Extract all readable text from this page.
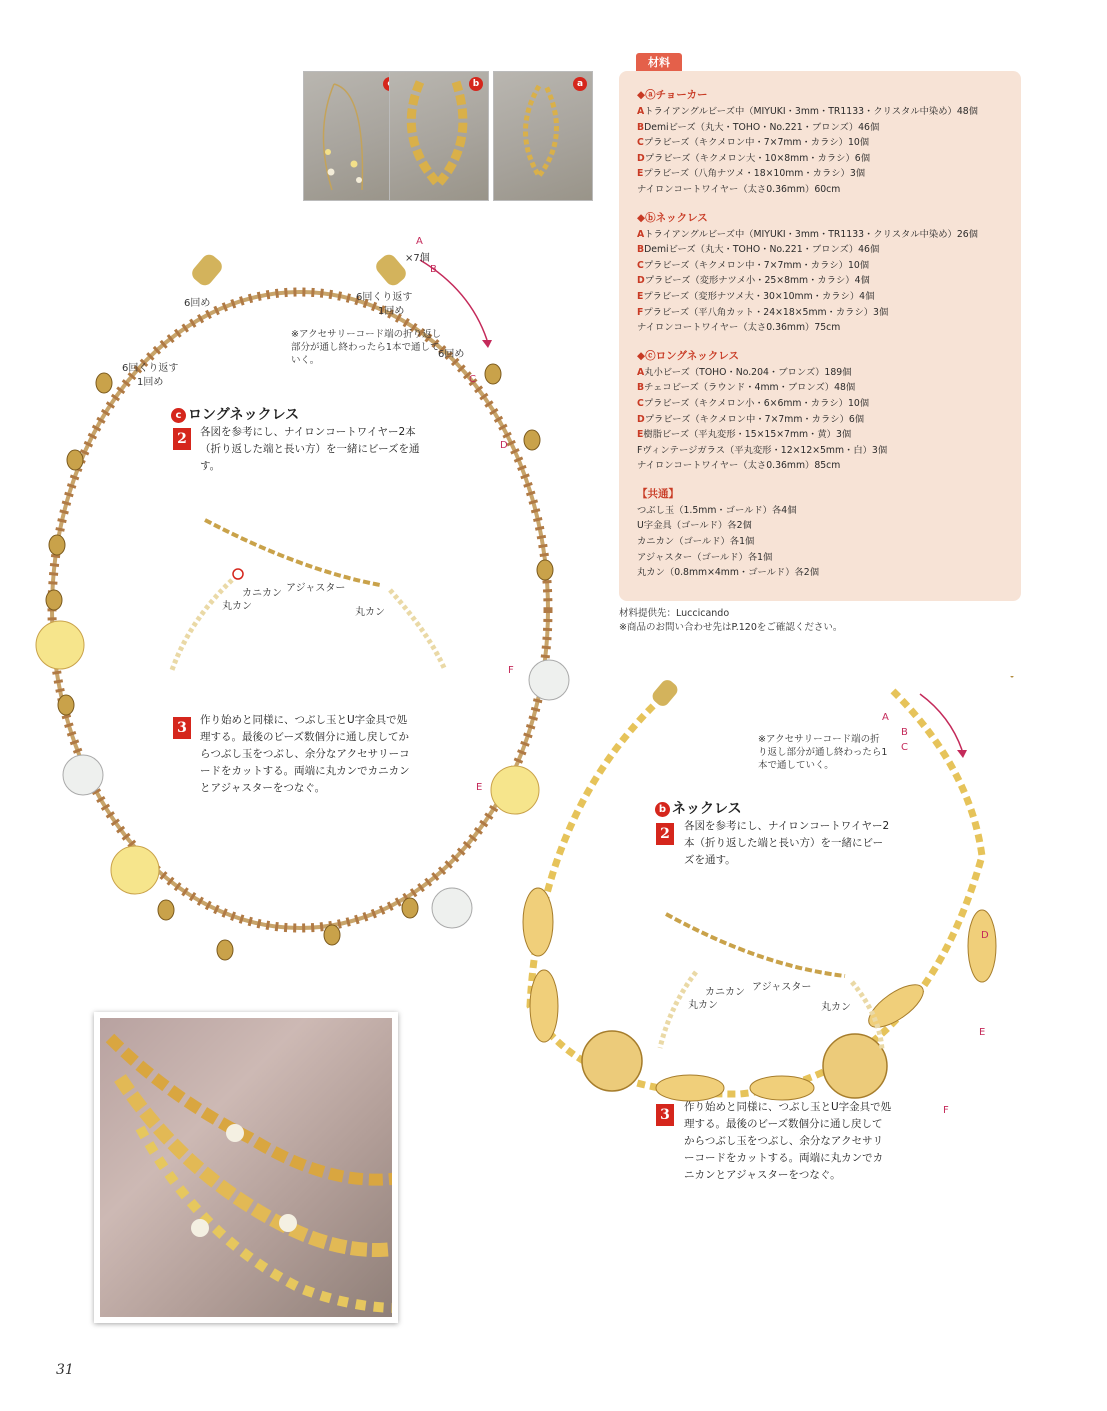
b	a
材料
◆ⓐチョーカー
Aトライアングルビーズ中（MIYUKI・3mm・TR1133・クリスタル中染め）48個
BDemiビーズ（丸大・TOHO・No.221・ブロンズ）46個
Cプラビーズ（キクメロン中・7×7mm・カラシ）10個
Dプラビーズ（キクメロン大・10×8mm・カラシ）6個
Eプラビーズ（八角ナツメ・18×10mm・カラシ）3個
ナイロンコートワイヤー（太さ0.36mm）60cm
◆ⓑネックレス
Aトライアングルビーズ中（MIYUKI・3mm・TR1133・クリスタル中染め）26個
BDemiビーズ（丸大・TOHO・No.221・ブロンズ）46個
Cプラビーズ（キクメロン中・7×7mm・カラシ）10個
Dプラビーズ（変形ナツメ小・25×8mm・カラシ）4個
Eプラビーズ（変形ナツメ大・30×10mm・カラシ）4個
Fプラビーズ（平八角カット・24×18×5mm・カラシ）3個
ナイロンコートワイヤー（太さ0.36mm）75cm
◆ⓒロングネックレス
A丸小ビーズ（TOHO・No.204・ブロンズ）189個
Bチェコビーズ（ラウンド・4mm・ブロンズ）48個
Cプラビーズ（キクメロン小・6×6mm・カラシ）10個
Dプラビーズ（キクメロン中・7×7mm・カラシ）6個
E樹脂ビーズ（平丸変形・15×15×7mm・黄）3個
Fヴィンテージガラス（平丸変形・12×12×5mm・白）3個
ナイロンコートワイヤー（太さ0.36mm）85cm
【共通】
つぶし玉（1.5mm・ゴールド）各4個
U字金具（ゴールド）各2個
カニカン（ゴールド）各1個
アジャスター（ゴールド）各1個
丸カン（0.8mm×4mm・ゴールド）各2個
材料提供先：Luccicando
※商品のお問い合わせ先はP.120をご確認ください。
6回め
6回くり返す
1回め
6回くり返す
1回め
6回め
×7個
A
B
C
D
F
E
※アクセサリーコード端の折り返し部分が通し終わったら1本で通していく。
c ロングネックレス
2	各図を参考にし、ナイロンコートワイヤー2本（折り返した端と長い方）を一緒にビーズを通す。
カニカン アジャスター
丸カン
丸カン
3	作り始めと同様に、つぶし玉とU字金具で処理する。最後のビーズ数個分に通し戻してからつぶし玉をつぶし、余分なアクセサリーコードをカットする。両端に丸カンでカニカンとアジャスターをつなぐ。
※アクセサリーコード端の折り返し部分が通し終わったら1本で通していく。
A
B
C
D
E
F
b ネックレス
2	各図を参考にし、ナイロンコートワイヤー2本（折り返した端と長い方）を一緒にビーズを通す。
カニカン アジャスター
丸カン	丸カン
3	作り始めと同様に、つぶし玉とU字金具で処理する。最後のビーズ数個分に通し戻してからつぶし玉をつぶし、余分なアクセサリーコードをカットする。両端に丸カンでカニカンとアジャスターをつなぐ。
31
